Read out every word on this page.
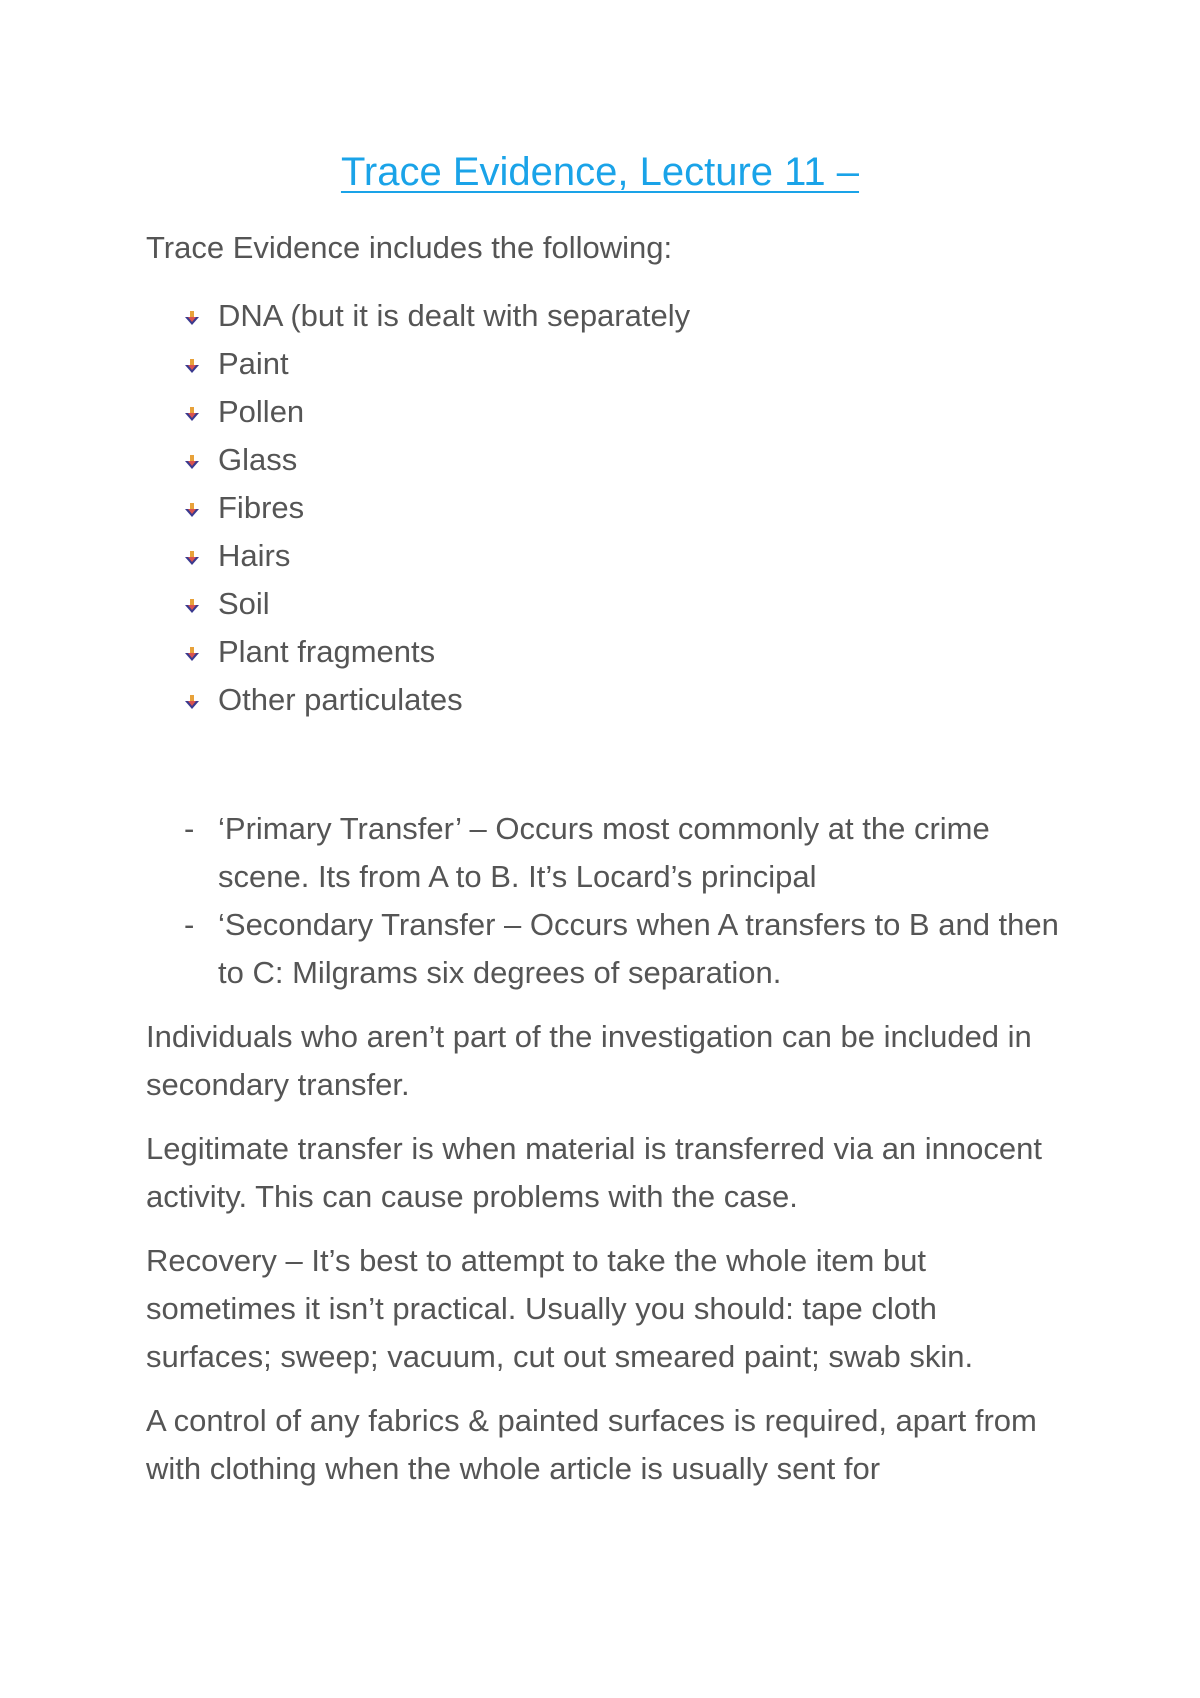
Trace Evidence, Lecture 11 –

Trace Evidence includes the following:

DNA (but it is dealt with separately
Paint
Pollen
Glass
Fibres
Hairs
Soil
Plant fragments
Other particulates
- ‘Primary Transfer’ – Occurs most commonly at the crime scene. Its from A to B. It’s Locard’s principal
- ‘Secondary Transfer – Occurs when A transfers to B and then to C: Milgrams six degrees of separation.

Individuals who aren’t part of the investigation can be included in secondary transfer.

Legitimate transfer is when material is transferred via an innocent activity. This can cause problems with the case.

Recovery – It’s best to attempt to take the whole item but sometimes it isn’t practical. Usually you should: tape cloth surfaces; sweep; vacuum, cut out smeared paint; swab skin.

A control of any fabrics & painted surfaces is required, apart from with clothing when the whole article is usually sent for
